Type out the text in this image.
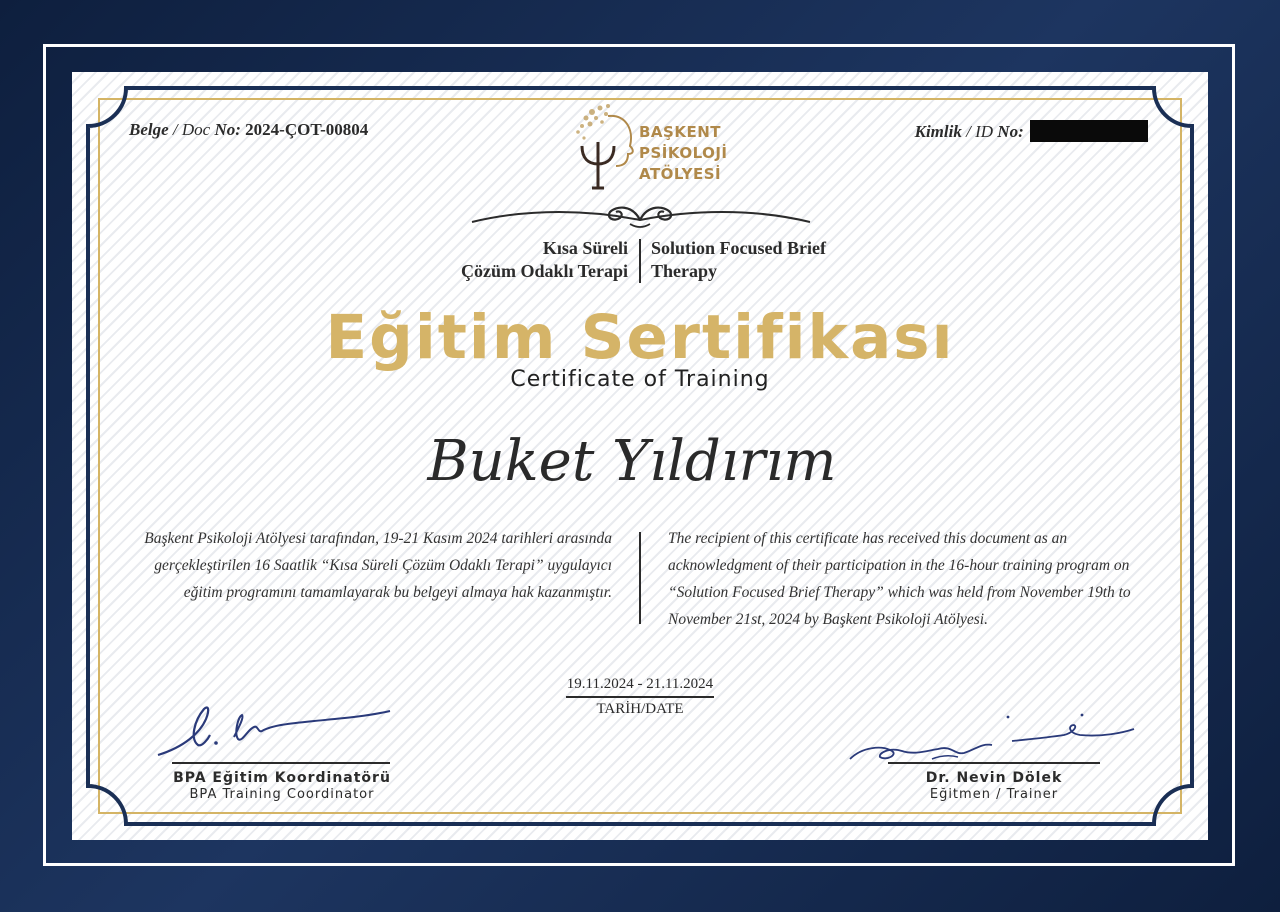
Belge / Doc No: 2024-ÇOT-00804	Kimlik / ID No:
BAŞKENT
PSİKOLOJİ
ATÖLYESİ
Kısa Süreli
Çözüm Odaklı Terapi
Solution Focused Brief
Therapy
Eğitim Sertifikası
Certificate of Training
Buket Yıldırım
Başkent Psikoloji Atölyesi tarafından, 19-21 Kasım 2024 tarihleri arasında gerçekleştirilen 16 Saatlik “Kısa Süreli Çözüm Odaklı Terapi” uygulayıcı eğitim programını tamamlayarak bu belgeyi almaya hak kazanmıştır.
The recipient of this certificate has received this document as an acknowledgment of their participation in the 16-hour training program on “Solution Focused Brief Therapy” which was held from November 19th to November 21st, 2024 by Başkent Psikoloji Atölyesi.
19.11.2024 - 21.11.2024
TARİH/DATE
BPA Eğitim Koordinatörü
BPA Training Coordinator
Dr. Nevin Dölek
Eğitmen / Trainer
